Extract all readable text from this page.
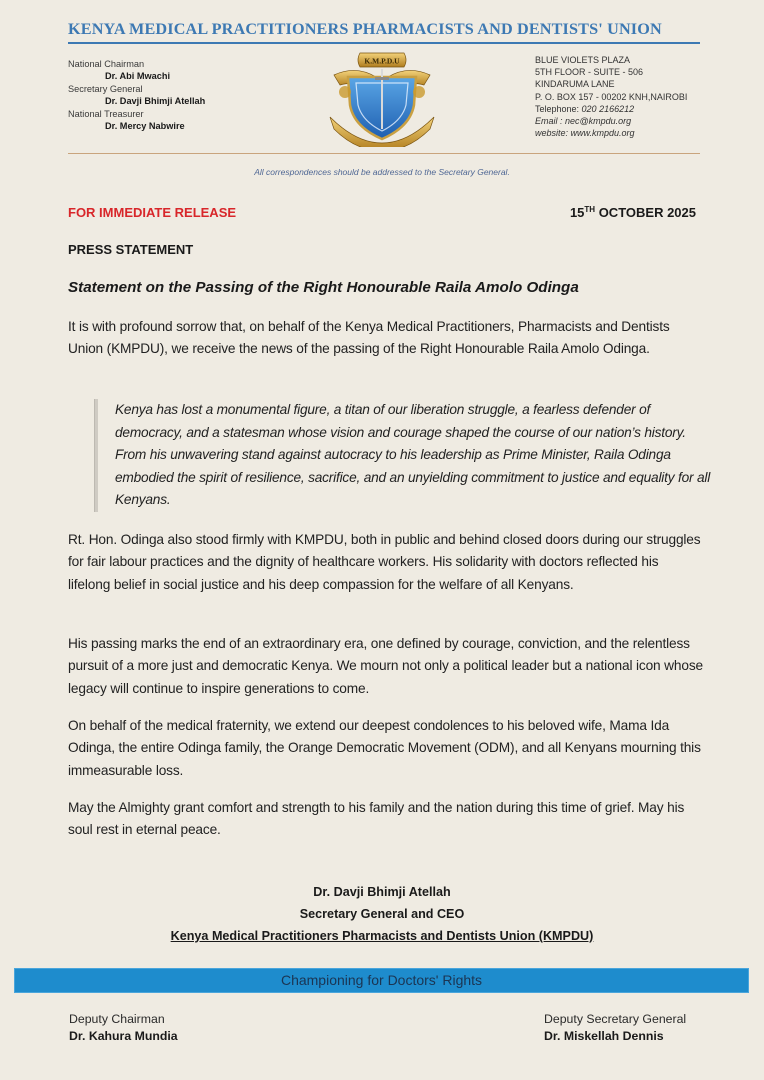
KENYA MEDICAL PRACTITIONERS PHARMACISTS AND DENTISTS' UNION
National Chairman
Dr. Abi Mwachi
Secretary General
Dr. Davji Bhimji Atellah
National Treasurer
Dr. Mercy Nabwire
K.M.P.D.U	BLUE VIOLETS PLAZA
5TH FLOOR - SUITE - 506
KINDARUMA LANE
P. O. BOX 157 - 00202 KNH,NAIROBI
Telephone: 020 2166212
Email : nec@kmpdu.org
website: www.kmpdu.org
All correspondences should be addressed to the Secretary General.
FOR IMMEDIATE RELEASE	15TH OCTOBER 2025
PRESS STATEMENT
Statement on the Passing of the Right Honourable Raila Amolo Odinga
It is with profound sorrow that, on behalf of the Kenya Medical Practitioners, Pharmacists and Dentists Union (KMPDU), we receive the news of the passing of the Right Honourable Raila Amolo Odinga.
Kenya has lost a monumental figure, a titan of our liberation struggle, a fearless defender of democracy, and a statesman whose vision and courage shaped the course of our nation’s history. From his unwavering stand against autocracy to his leadership as Prime Minister, Raila Odinga embodied the spirit of resilience, sacrifice, and an unyielding commitment to justice and equality for all Kenyans.
Rt. Hon. Odinga also stood firmly with KMPDU, both in public and behind closed doors during our struggles for fair labour practices and the dignity of healthcare workers. His solidarity with doctors reflected his lifelong belief in social justice and his deep compassion for the welfare of all Kenyans.
His passing marks the end of an extraordinary era, one defined by courage, conviction, and the relentless pursuit of a more just and democratic Kenya. We mourn not only a political leader but a national icon whose legacy will continue to inspire generations to come.
On behalf of the medical fraternity, we extend our deepest condolences to his beloved wife, Mama Ida Odinga, the entire Odinga family, the Orange Democratic Movement (ODM), and all Kenyans mourning this immeasurable loss.
May the Almighty grant comfort and strength to his family and the nation during this time of grief. May his soul rest in eternal peace.
Dr. Davji Bhimji Atellah
Secretary General and CEO
Kenya Medical Practitioners Pharmacists and Dentists Union (KMPDU)
Championing for Doctors' Rights
Deputy Chairman
Dr. Kahura Mundia
Deputy Secretary General
Dr. Miskellah Dennis
